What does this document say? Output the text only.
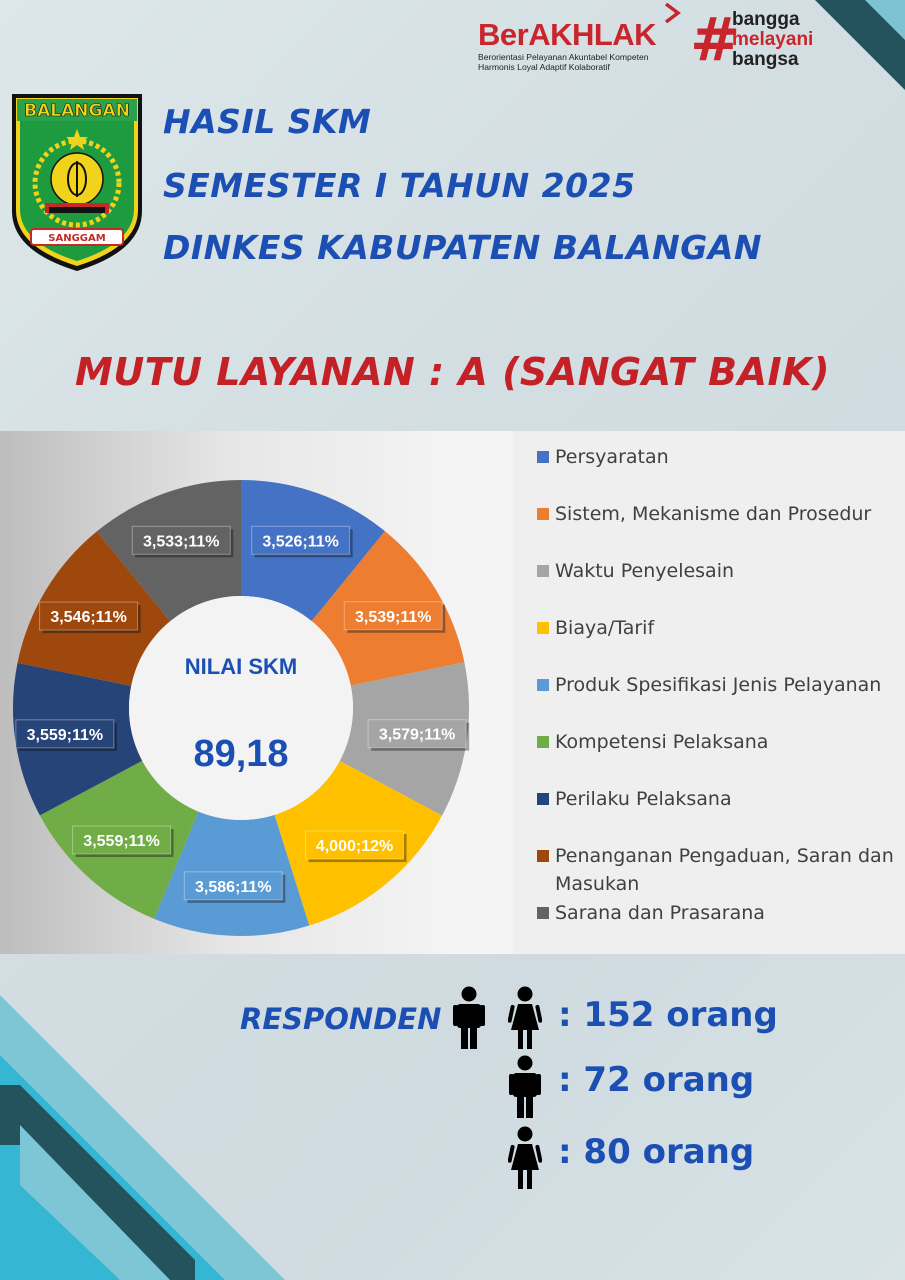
BerAKHLAK
Berorientasi Pelayanan Akuntabel Kompeten
Harmonis Loyal Adaptif Kolaboratif	#
bangga
melayani
bangsa
BALANGAN
SANGGAM
HASIL SKM
SEMESTER I TAHUN 2025
DINKES KABUPATEN BALANGAN
MUTU LAYANAN : A (SANGAT BAIK)
3,526;11%
3,539;11%
3,579;11%
4,000;12%
3,586;11%
3,559;11%
3,559;11%
3,546;11%
3,533;11%
NILAI SKM
89,18
Persyaratan
Sistem, Mekanisme dan Prosedur
Waktu Penyelesain
Biaya/Tarif
Produk Spesifikasi Jenis Pelayanan
Kompetensi Pelaksana
Perilaku Pelaksana
Penanganan Pengaduan, Saran dan Masukan
Sarana dan Prasarana
RESPONDEN	: 152 orang
: 72 orang
: 80 orang
